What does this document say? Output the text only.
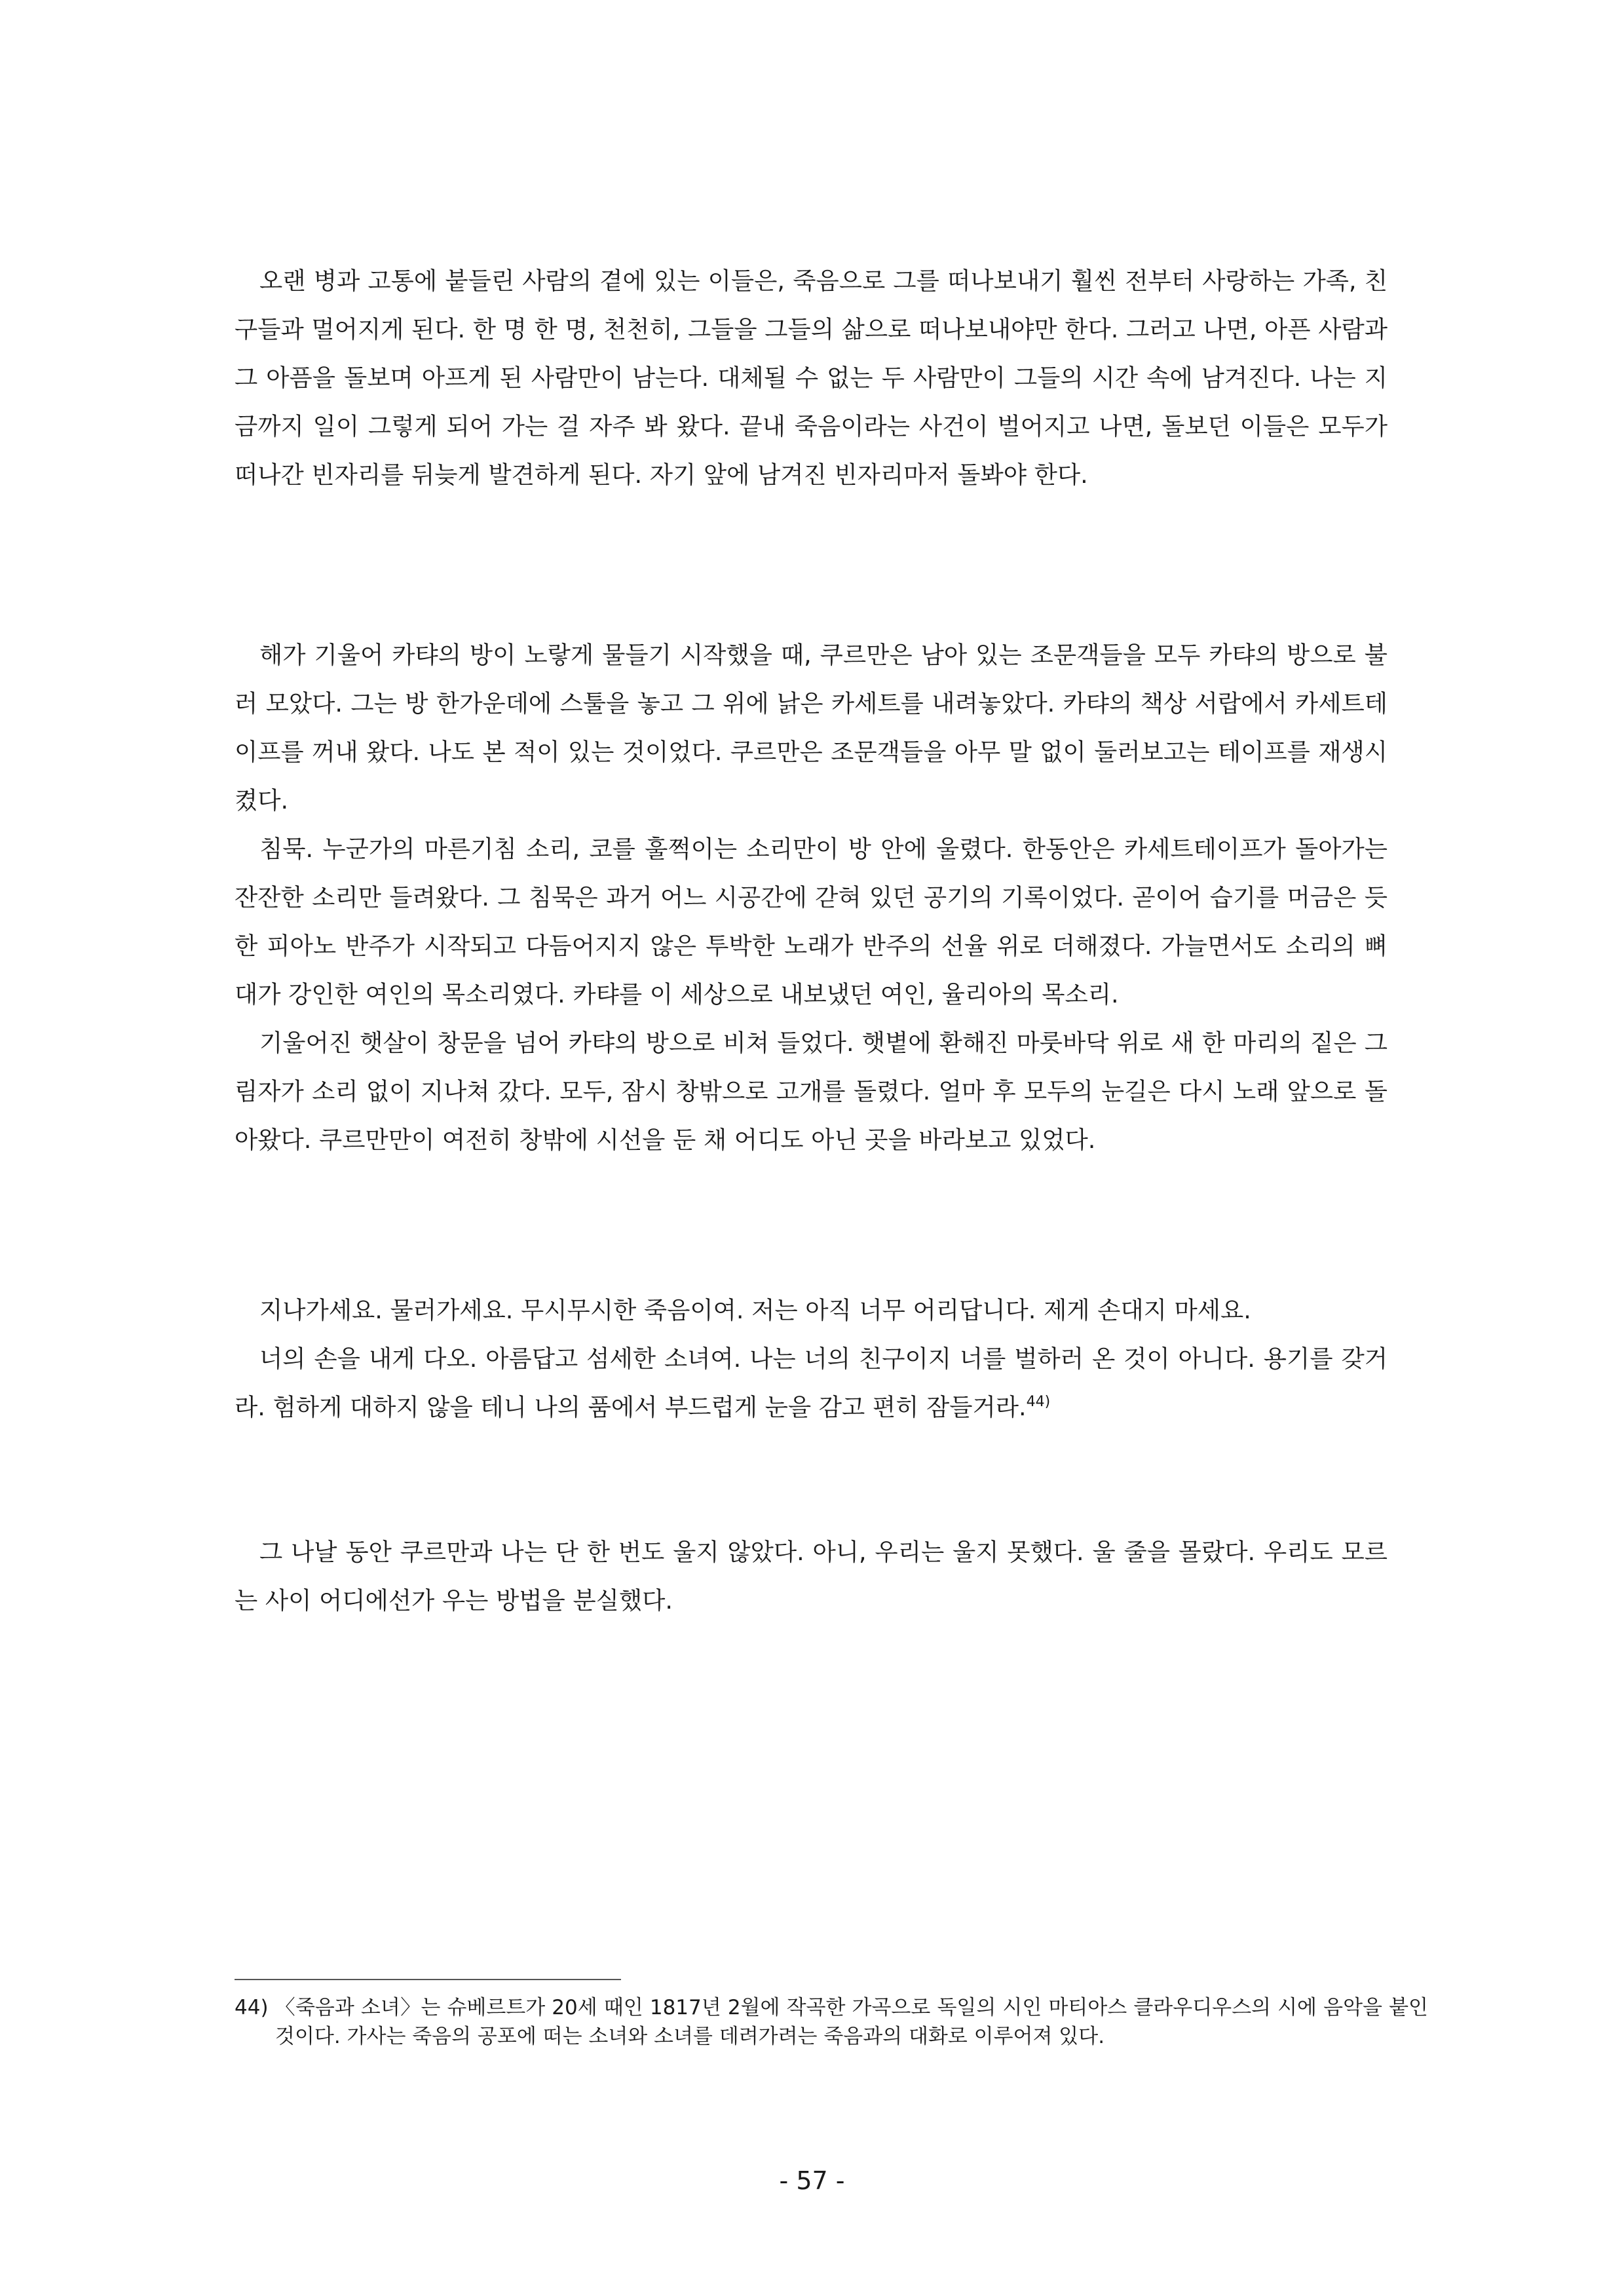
오랜 병과 고통에 붙들린 사람의 곁에 있는 이들은, 죽음으로 그를 떠나보내기 훨씬 전부터 사랑하는 가족, 친구들과 멀어지게 된다. 한 명 한 명, 천천히, 그들을 그들의 삶으로 떠나보내야만 한다. 그러고 나면, 아픈 사람과 그 아픔을 돌보며 아프게 된 사람만이 남는다. 대체될 수 없는 두 사람만이 그들의 시간 속에 남겨진다. 나는 지금까지 일이 그렇게 되어 가는 걸 자주 봐 왔다. 끝내 죽음이라는 사건이 벌어지고 나면, 돌보던 이들은 모두가 떠나간 빈자리를 뒤늦게 발견하게 된다. 자기 앞에 남겨진 빈자리마저 돌봐야 한다.

해가 기울어 카탸의 방이 노랗게 물들기 시작했을 때, 쿠르만은 남아 있는 조문객들을 모두 카탸의 방으로 불러 모았다. 그는 방 한가운데에 스툴을 놓고 그 위에 낡은 카세트를 내려놓았다. 카탸의 책상 서랍에서 카세트테이프를 꺼내 왔다. 나도 본 적이 있는 것이었다. 쿠르만은 조문객들을 아무 말 없이 둘러보고는 테이프를 재생시켰다.

침묵. 누군가의 마른기침 소리, 코를 훌쩍이는 소리만이 방 안에 울렸다. 한동안은 카세트테이프가 돌아가는 잔잔한 소리만 들려왔다. 그 침묵은 과거 어느 시공간에 갇혀 있던 공기의 기록이었다. 곧이어 습기를 머금은 듯한 피아노 반주가 시작되고 다듬어지지 않은 투박한 노래가 반주의 선율 위로 더해졌다. 가늘면서도 소리의 뼈대가 강인한 여인의 목소리였다. 카탸를 이 세상으로 내보냈던 여인, 율리아의 목소리.

기울어진 햇살이 창문을 넘어 카탸의 방으로 비쳐 들었다. 햇볕에 환해진 마룻바닥 위로 새 한 마리의 짙은 그림자가 소리 없이 지나쳐 갔다. 모두, 잠시 창밖으로 고개를 돌렸다. 얼마 후 모두의 눈길은 다시 노래 앞으로 돌아왔다. 쿠르만만이 여전히 창밖에 시선을 둔 채 어디도 아닌 곳을 바라보고 있었다.

지나가세요. 물러가세요. 무시무시한 죽음이여. 저는 아직 너무 어리답니다. 제게 손대지 마세요.

너의 손을 내게 다오. 아름답고 섬세한 소녀여. 나는 너의 친구이지 너를 벌하러 온 것이 아니다. 용기를 갖거라. 험하게 대하지 않을 테니 나의 품에서 부드럽게 눈을 감고 편히 잠들거라.$^{44)}$

그 나날 동안 쿠르만과 나는 단 한 번도 울지 않았다. 아니, 우리는 울지 못했다. 울 줄을 몰랐다. 우리도 모르는 사이 어디에선가 우는 방법을 분실했다.

44) 〈죽음과 소녀〉는 슈베르트가 20세 때인 1817년 2월에 작곡한 가곡으로 독일의 시인 마티아스 클라우디우스의 시에 음악을 붙인 것이다. 가사는 죽음의 공포에 떠는 소녀와 소녀를 데려가려는 죽음과의 대화로 이루어져 있다.

- 57 -
